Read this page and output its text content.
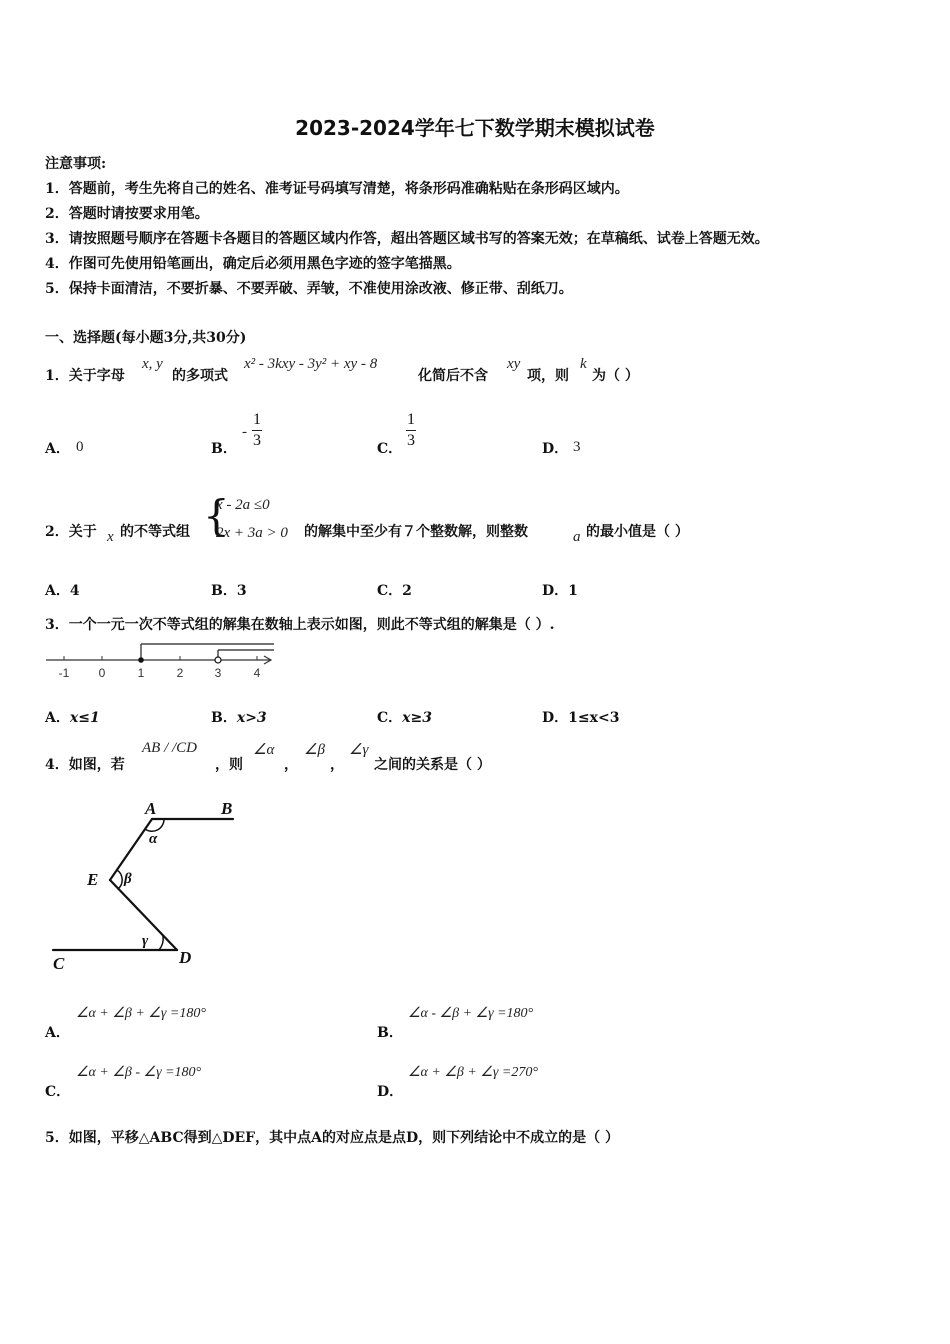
2023-2024学年七下数学期末模拟试卷
注意事项:
1．答题前，考生先将自己的姓名、准考证号码填写清楚，将条形码准确粘贴在条形码区域内。
2．答题时请按要求用笔。
3．请按照题号顺序在答题卡各题目的答题区域内作答，超出答题区域书写的答案无效；在草稿纸、试卷上答题无效。
4．作图可先使用铅笔画出，确定后必须用黑色字迹的签字笔描黑。
5．保持卡面清洁，不要折暴、不要弄破、弄皱，不准使用涂改液、修正带、刮纸刀。
一、选择题(每小题3分,共30分)
1．关于字母
x, y
的多项式
x² - 3kxy - 3y² + xy - 8
化简后不含
xy
项，则
k
为（ ）
A． 0	B．
- $\frac{1}{3}$	C． $\frac{1}{3}$	D． 3
2．关于 x 的不等式组 {
x - 2a ≤0
2x + 3a > 0 的解集中至少有７个整数解，则整数	a 的最小值是（ ）
A．4	B．3	C．2	D．1
3．一个一元一次不等式组的解集在数轴上表示如图，则此不等式组的解集是（ ）.
-1 0	1	2	3	4
A．x≤1	B．x>3	C．x≥3	D．1≤x<3
4．如图，若
AB / /CD
，则
∠α
，
∠β
，
∠γ
之间的关系是（ ）
A	B
E
C	D
α
β
γ
A．
∠α + ∠β + ∠γ =180°
B．
∠α - ∠β + ∠γ =180°
C．
∠α + ∠β - ∠γ =180°
D．
∠α + ∠β + ∠γ =270°
5．如图，平移△ABC得到△DEF，其中点A的对应点是点D，则下列结论中不成立的是（ ）
